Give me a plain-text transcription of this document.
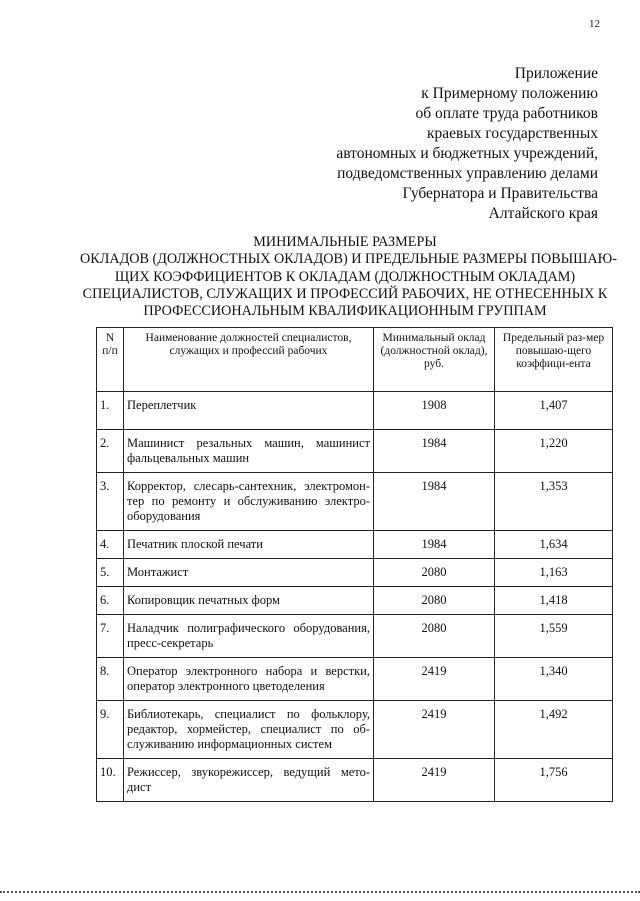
12
Приложение
к Примерному положению
об оплате труда работников
краевых государственных
автономных и бюджетных учреждений,
подведомственных управлению делами
Губернатора и Правительства
Алтайского края
МИНИМАЛЬНЫЕ РАЗМЕРЫ
ОКЛАДОВ (ДОЛЖНОСТНЫХ ОКЛАДОВ) И ПРЕДЕЛЬНЫЕ РАЗМЕРЫ ПОВЫШАЮ-
ЩИХ КОЭФФИЦИЕНТОВ К ОКЛАДАМ (ДОЛЖНОСТНЫМ ОКЛАДАМ)
СПЕЦИАЛИСТОВ, СЛУЖАЩИХ И ПРОФЕССИЙ РАБОЧИХ, НЕ ОТНЕСЕННЫХ К
ПРОФЕССИОНАЛЬНЫМ КВАЛИФИКАЦИОННЫМ ГРУППАМ
N п/п	Наименование должностей специалистов, служащих и профессий рабочих	Минимальный оклад (должностной оклад), руб.	Предельный раз-мер повышаю-щего коэффици-ента
1.	Переплетчик	1908	1,407
2.	Машинист резальных машин, машинист фальцевальных машин	1984	1,220
3.	Корректор, слесарь-сантехник, электромон-тер по ремонту и обслуживанию электро-оборудования	1984	1,353
4.	Печатник плоской печати	1984	1,634
5.	Монтажист	2080	1,163
6.	Копировщик печатных форм	2080	1,418
7.	Наладчик полиграфического оборудования, пресс-секретарь	2080	1,559
8.	Оператор электронного набора и верстки, оператор электронного цветоделения	2419	1,340
9.	Библиотекарь, специалист по фольклору, редактор, хормейстер, специалист по об-служиванию информационных систем	2419	1,492
10.	Режиссер, звукорежиссер, ведущий мето-дист	2419	1,756
